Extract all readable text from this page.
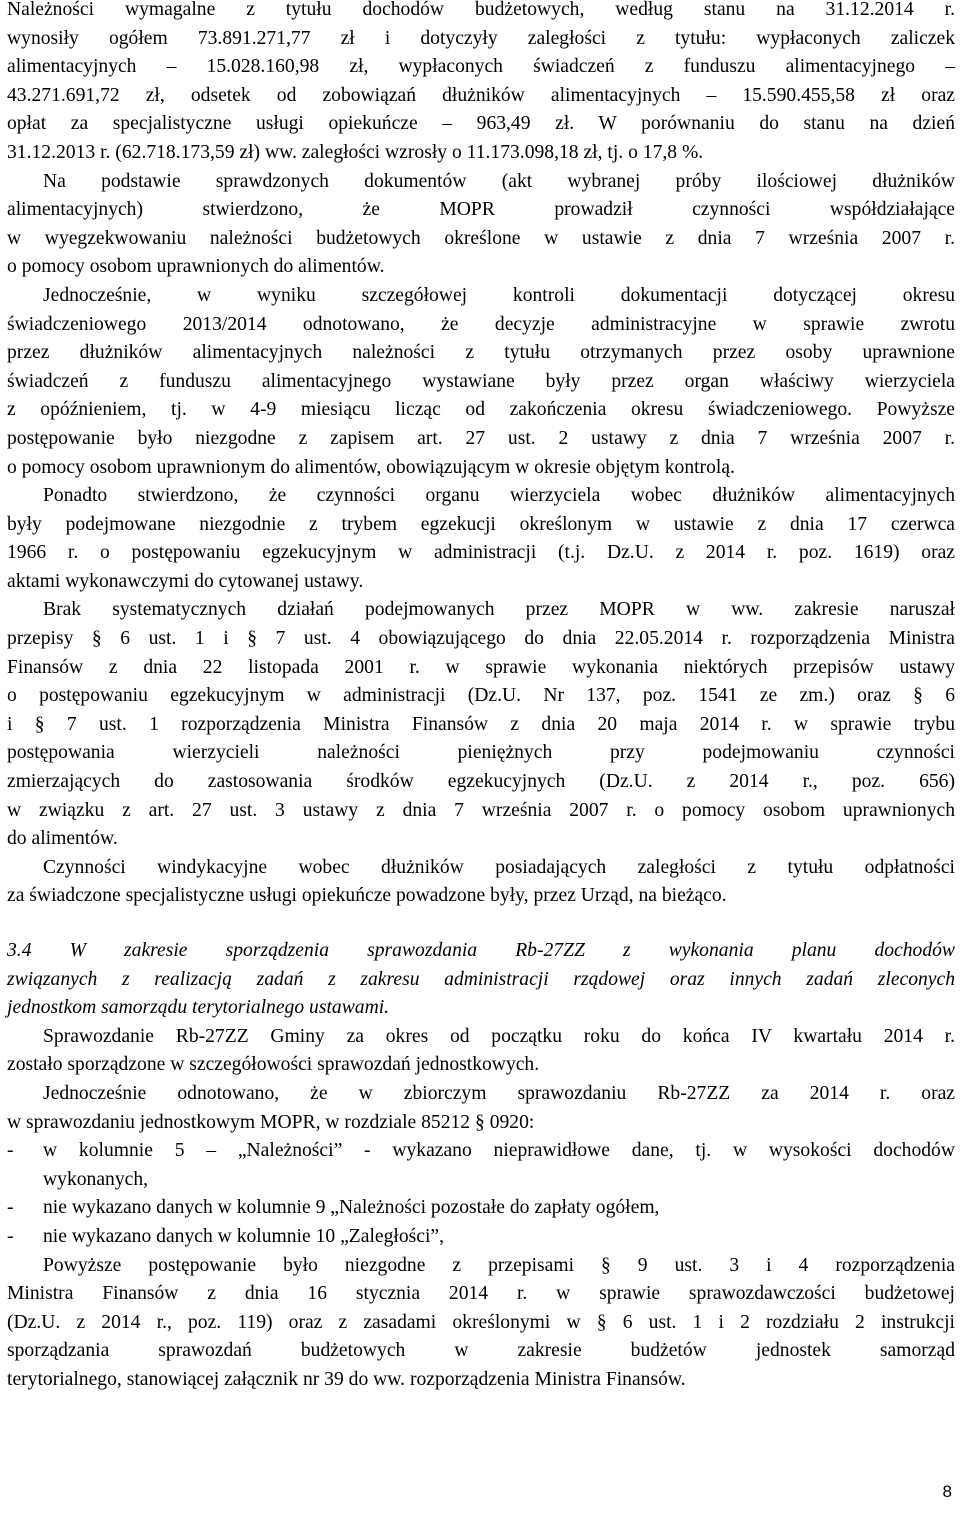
Należności wymagalne z tytułu dochodów budżetowych, według stanu na 31.12.2014 r.
wynosiły ogółem 73.891.271,77 zł i dotyczyły zaległości z tytułu: wypłaconych zaliczek
alimentacyjnych – 15.028.160,98 zł, wypłaconych świadczeń z funduszu alimentacyjnego –
43.271.691,72 zł, odsetek od zobowiązań dłużników alimentacyjnych – 15.590.455,58 zł oraz
opłat za specjalistyczne usługi opiekuńcze – 963,49 zł. W porównaniu do stanu na dzień
31.12.2013 r. (62.718.173,59 zł) ww. zaległości wzrosły o 11.173.098,18 zł, tj. o 17,8 %.
Na podstawie sprawdzonych dokumentów (akt wybranej próby ilościowej dłużników
alimentacyjnych) stwierdzono, że MOPR prowadził czynności współdziałające
w wyegzekwowaniu należności budżetowych określone w ustawie z dnia 7 września 2007 r.
o pomocy osobom uprawnionych do alimentów.
Jednocześnie, w wyniku szczegółowej kontroli dokumentacji dotyczącej okresu
świadczeniowego 2013/2014 odnotowano, że decyzje administracyjne w sprawie zwrotu
przez dłużników alimentacyjnych należności z tytułu otrzymanych przez osoby uprawnione
świadczeń z funduszu alimentacyjnego wystawiane były przez organ właściwy wierzyciela
z opóźnieniem, tj. w 4-9 miesiącu licząc od zakończenia okresu świadczeniowego. Powyższe
postępowanie było niezgodne z zapisem art. 27 ust. 2 ustawy z dnia 7 września 2007 r.
o pomocy osobom uprawnionym do alimentów, obowiązującym w okresie objętym kontrolą.
Ponadto stwierdzono, że czynności organu wierzyciela wobec dłużników alimentacyjnych
były podejmowane niezgodnie z trybem egzekucji określonym w ustawie z dnia 17 czerwca
1966 r. o postępowaniu egzekucyjnym w administracji (t.j. Dz.U. z 2014 r. poz. 1619) oraz
aktami wykonawczymi do cytowanej ustawy.
Brak systematycznych działań podejmowanych przez MOPR w ww. zakresie naruszał
przepisy § 6 ust. 1 i § 7 ust. 4 obowiązującego do dnia 22.05.2014 r. rozporządzenia Ministra
Finansów z dnia 22 listopada 2001 r. w sprawie wykonania niektórych przepisów ustawy
o postępowaniu egzekucyjnym w administracji (Dz.U. Nr 137, poz. 1541 ze zm.) oraz § 6
i § 7 ust. 1 rozporządzenia Ministra Finansów z dnia 20 maja 2014 r. w sprawie trybu
postępowania wierzycieli należności pieniężnych przy podejmowaniu czynności
zmierzających do zastosowania środków egzekucyjnych (Dz.U. z 2014 r., poz. 656)
w związku z art. 27 ust. 3 ustawy z dnia 7 września 2007 r. o pomocy osobom uprawnionych
do alimentów.
Czynności windykacyjne wobec dłużników posiadających zaległości z tytułu odpłatności
za świadczone specjalistyczne usługi opiekuńcze powadzone były, przez Urząd, na bieżąco.
3.4 W zakresie sporządzenia sprawozdania Rb-27ZZ z wykonania planu dochodów
związanych z realizacją zadań z zakresu administracji rządowej oraz innych zadań zleconych
jednostkom samorządu terytorialnego ustawami.
Sprawozdanie Rb-27ZZ Gminy za okres od początku roku do końca IV kwartału 2014 r.
zostało sporządzone w szczegółowości sprawozdań jednostkowych.
Jednocześnie odnotowano, że w zbiorczym sprawozdaniu Rb-27ZZ za 2014 r. oraz
w sprawozdaniu jednostkowym MOPR, w rozdziale 85212 § 0920:
- w kolumnie 5 – „Należności” - wykazano nieprawidłowe dane, tj. w wysokości dochodów
wykonanych,
- nie wykazano danych w kolumnie 9 „Należności pozostałe do zapłaty ogółem,
- nie wykazano danych w kolumnie 10 „Zaległości”,
Powyższe postępowanie było niezgodne z przepisami § 9 ust. 3 i 4 rozporządzenia
Ministra Finansów z dnia 16 stycznia 2014 r. w sprawie sprawozdawczości budżetowej
(Dz.U. z 2014 r., poz. 119) oraz z zasadami określonymi w § 6 ust. 1 i 2 rozdziału 2 instrukcji
sporządzania sprawozdań budżetowych w zakresie budżetów jednostek samorząd
terytorialnego, stanowiącej załącznik nr 39 do ww. rozporządzenia Ministra Finansów.
8
